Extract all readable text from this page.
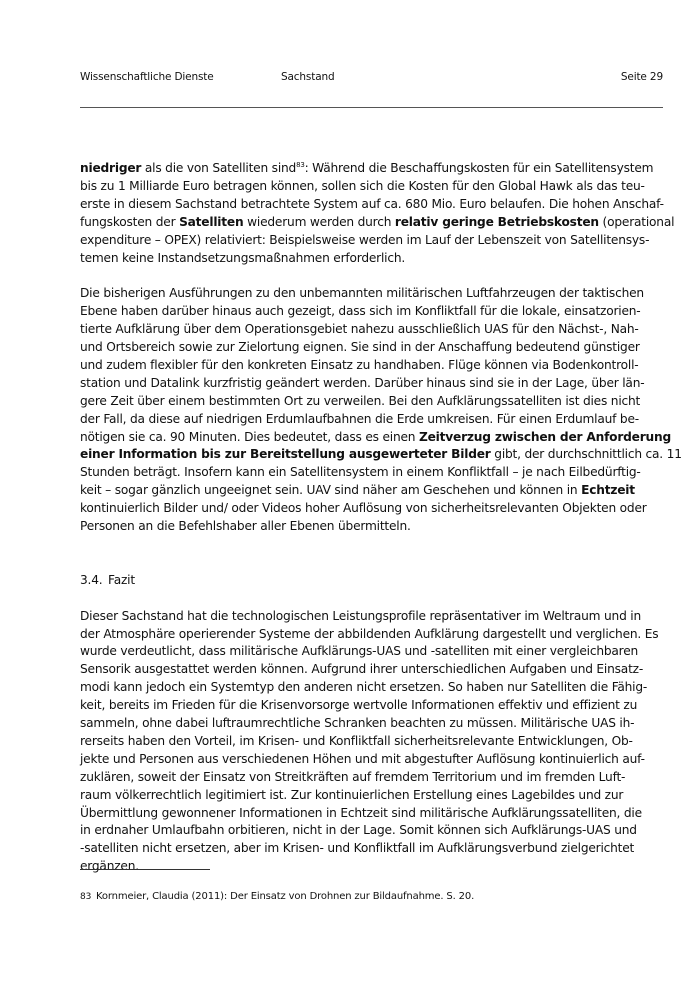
Wissenschaftliche Dienste	Sachstand	Seite 29

niedriger als die von Satelliten sind$^{83}$: Während die Beschaffungskosten für ein Satellitensystem
bis zu 1 Milliarde Euro betragen können, sollen sich die Kosten für den Global Hawk als das teu-
erste in diesem Sachstand betrachtete System auf ca. 680 Mio. Euro belaufen. Die hohen Anschaf-
fungskosten der Satelliten wiederum werden durch relativ geringe Betriebskosten (operational
expenditure – OPEX) relativiert: Beispielsweise werden im Lauf der Lebenszeit von Satellitensys-
temen keine Instandsetzungsmaßnahmen erforderlich.

Die bisherigen Ausführungen zu den unbemannten militärischen Luftfahrzeugen der taktischen
Ebene haben darüber hinaus auch gezeigt, dass sich im Konfliktfall für die lokale, einsatzorien-
tierte Aufklärung über dem Operationsgebiet nahezu ausschließlich UAS für den Nächst-, Nah-
und Ortsbereich sowie zur Zielortung eignen. Sie sind in der Anschaffung bedeutend günstiger
und zudem flexibler für den konkreten Einsatz zu handhaben. Flüge können via Bodenkontroll-
station und Datalink kurzfristig geändert werden. Darüber hinaus sind sie in der Lage, über län-
gere Zeit über einem bestimmten Ort zu verweilen. Bei den Aufklärungssatelliten ist dies nicht
der Fall, da diese auf niedrigen Erdumlaufbahnen die Erde umkreisen. Für einen Erdumlauf be-
nötigen sie ca. 90 Minuten. Dies bedeutet, dass es einen Zeitverzug zwischen der Anforderung
einer Information bis zur Bereitstellung ausgewerteter Bilder gibt, der durchschnittlich ca. 11
Stunden beträgt. Insofern kann ein Satellitensystem in einem Konfliktfall – je nach Eilbedürftig-
keit – sogar gänzlich ungeeignet sein. UAV sind näher am Geschehen und können in Echtzeit
kontinuierlich Bilder und/ oder Videos hoher Auflösung von sicherheitsrelevanten Objekten oder
Personen an die Befehlshaber aller Ebenen übermitteln.

3.4. Fazit

Dieser Sachstand hat die technologischen Leistungsprofile repräsentativer im Weltraum und in
der Atmosphäre operierender Systeme der abbildenden Aufklärung dargestellt und verglichen. Es
wurde verdeutlicht, dass militärische Aufklärungs-UAS und -satelliten mit einer vergleichbaren
Sensorik ausgestattet werden können. Aufgrund ihrer unterschiedlichen Aufgaben und Einsatz-
modi kann jedoch ein Systemtyp den anderen nicht ersetzen. So haben nur Satelliten die Fähig-
keit, bereits im Frieden für die Krisenvorsorge wertvolle Informationen effektiv und effizient zu
sammeln, ohne dabei luftraumrechtliche Schranken beachten zu müssen. Militärische UAS ih-
rerseits haben den Vorteil, im Krisen- und Konfliktfall sicherheitsrelevante Entwicklungen, Ob-
jekte und Personen aus verschiedenen Höhen und mit abgestufter Auflösung kontinuierlich auf-
zuklären, soweit der Einsatz von Streitkräften auf fremdem Territorium und im fremden Luft-
raum völkerrechtlich legitimiert ist. Zur kontinuierlichen Erstellung eines Lagebildes und zur
Übermittlung gewonnener Informationen in Echtzeit sind militärische Aufklärungssatelliten, die
in erdnaher Umlaufbahn orbitieren, nicht in der Lage. Somit können sich Aufklärungs-UAS und
-satelliten nicht ersetzen, aber im Krisen- und Konfliktfall im Aufklärungsverbund zielgerichtet
ergänzen.

83 Kornmeier, Claudia (2011): Der Einsatz von Drohnen zur Bildaufnahme. S. 20.
